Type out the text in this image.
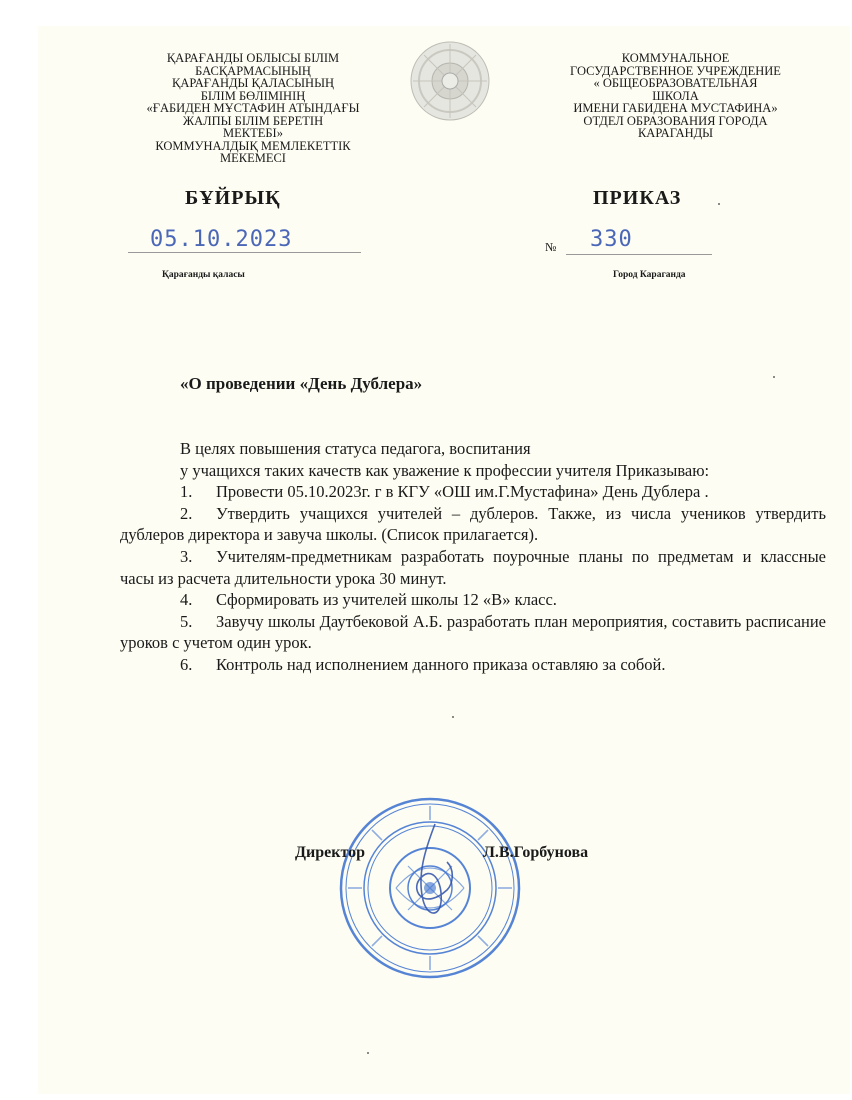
ҚАРАҒАНДЫ ОБЛЫСЫ БІЛІМ
БАСҚАРМАСЫНЫҢ
ҚАРАҒАНДЫ ҚАЛАСЫНЫҢ
БІЛІМ БӨЛІМІНІҢ
«ҒАБИДЕН МҰСТАФИН АТЫНДАҒЫ
ЖАЛПЫ БІЛІМ БЕРЕТІН
МЕКТЕБІ»
КОММУНАЛДЫҚ МЕМЛЕКЕТТІК
МЕКЕМЕСІ
КОММУНАЛЬНОЕ
ГОСУДАРСТВЕННОЕ УЧРЕЖДЕНИЕ
« ОБЩЕОБРАЗОВАТЕЛЬНАЯ
ШКОЛА
ИМЕНИ ГАБИДЕНА МУСТАФИНА»
ОТДЕЛ ОБРАЗОВАНИЯ ГОРОДА
КАРАГАНДЫ
БҰЙРЫҚ	ПРИКАЗ
05.10.2023	№ 330
Қарағанды қаласы	Город Караганда
«О проведении «День Дублера»

В целях повышения статуса педагога, воспитания

у учащихся таких качеств как уважение к профессии учителя Приказываю:

1. Провести 05.10.2023г. г в КГУ «ОШ им.Г.Мустафина» День Дублера .

2. Утвердить учащихся учителей – дублеров. Также, из числа учеников утвердить дублеров директора и завуча школы. (Список прилагается).

3. Учителям-предметникам разработать поурочные планы по предметам и классные часы из расчета длительности урока 30 минут.

4. Сформировать из учителей школы 12 «В» класс.

5. Завучу школы Даутбековой А.Б. разработать план мероприятия, составить расписание уроков с учетом один урок.

6. Контроль над исполнением данного приказа оставляю за собой.

Директор	Л.В.Горбунова
